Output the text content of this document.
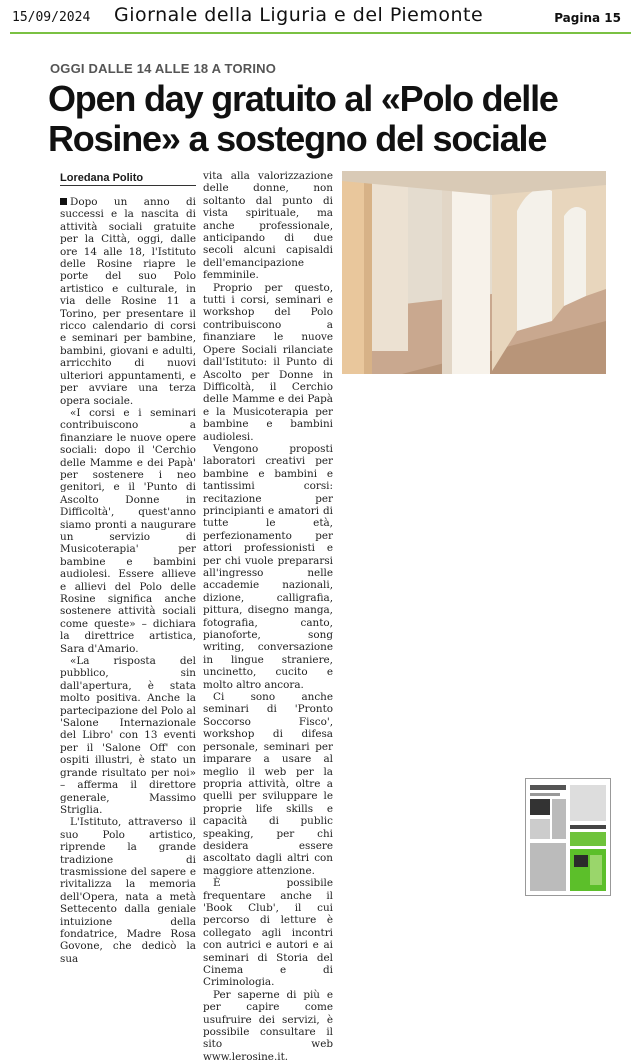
15/09/2024 Giornale della Liguria e del Piemonte	Pagina 15
OGGI DALLE 14 ALLE 18 A TORINO
Open day gratuito al «Polo delle Rosine» a sostegno del sociale
Loredana Polito

Dopo un anno di successi e la nascita di attività sociali gratuite per la Città, oggi, dalle ore 14 alle 18, l'Istituto delle Rosine riapre le porte del suo Polo artistico e culturale, in via delle Rosine 11 a Torino, per presentare il ricco calendario di corsi e seminari per bambine, bambini, giovani e adulti, arricchito di nuovi ulteriori appuntamenti, e per avviare una terza opera sociale.

«I corsi e i seminari contribuiscono a finanziare le nuove opere sociali: dopo il 'Cerchio delle Mamme e dei Papà' per sostenere i neo genitori, e il 'Punto di Ascolto Donne in Difficoltà', quest'anno siamo pronti a naugurare un servizio di Musicoterapia' per bambine e bambini audiolesi. Essere allieve e allievi del Polo delle Rosine significa anche sostenere attività sociali come queste» – dichiara la direttrice artistica, Sara d'Amario.

«La risposta del pubblico, sin dall'apertura, è stata molto positiva. Anche la partecipazione del Polo al 'Salone Internazionale del Libro' con 13 eventi per il 'Salone Off' con ospiti illustri, è stato un grande risultato per noi» – afferma il direttore generale, Massimo Striglia.

L'Istituto, attraverso il suo Polo artistico, riprende la grande tradizione di trasmissione del sapere e rivitalizza la memoria dell'Opera, nata a metà Settecento dalla geniale intuizione della fondatrice, Madre Rosa Govone, che dedicò la sua

vita alla valorizzazione delle donne, non soltanto dal punto di vista spirituale, ma anche professionale, anticipando di due secoli alcuni capisaldi dell'emancipazione femminile.

Proprio per questo, tutti i corsi, seminari e workshop del Polo contribuiscono a finanziare le nuove Opere Sociali rilanciate dall'Istituto: il Punto di Ascolto per Donne in Difficoltà, il Cerchio delle Mamme e dei Papà e la Musicoterapia per bambine e bambini audiolesi.

Vengono proposti laboratori creativi per bambine e bambini e tantissimi corsi: recitazione per principianti e amatori di tutte le età, perfezionamento per attori professionisti e per chi vuole prepararsi all'ingresso nelle accademie nazionali, dizione, calligrafia, pittura, disegno manga, fotografia, canto, pianoforte, song writing, conversazione in lingue straniere, uncinetto, cucito e molto altro ancora.

Ci sono anche seminari di 'Pronto Soccorso Fisco', workshop di difesa personale, seminari per imparare a usare al meglio il web per la propria attività, oltre a quelli per sviluppare le proprie life skills e capacità di public speaking, per chi desidera essere ascoltato dagli altri con maggiore attenzione.

È possibile frequentare anche il 'Book Club', il cui percorso di letture è collegato agli incontri con autrici e autori e ai seminari di Storia del Cinema e di Criminologia.

Per saperne di più e per capire come usufruire dei servizi, è possibile consultare il sito web www.lerosine.it.
